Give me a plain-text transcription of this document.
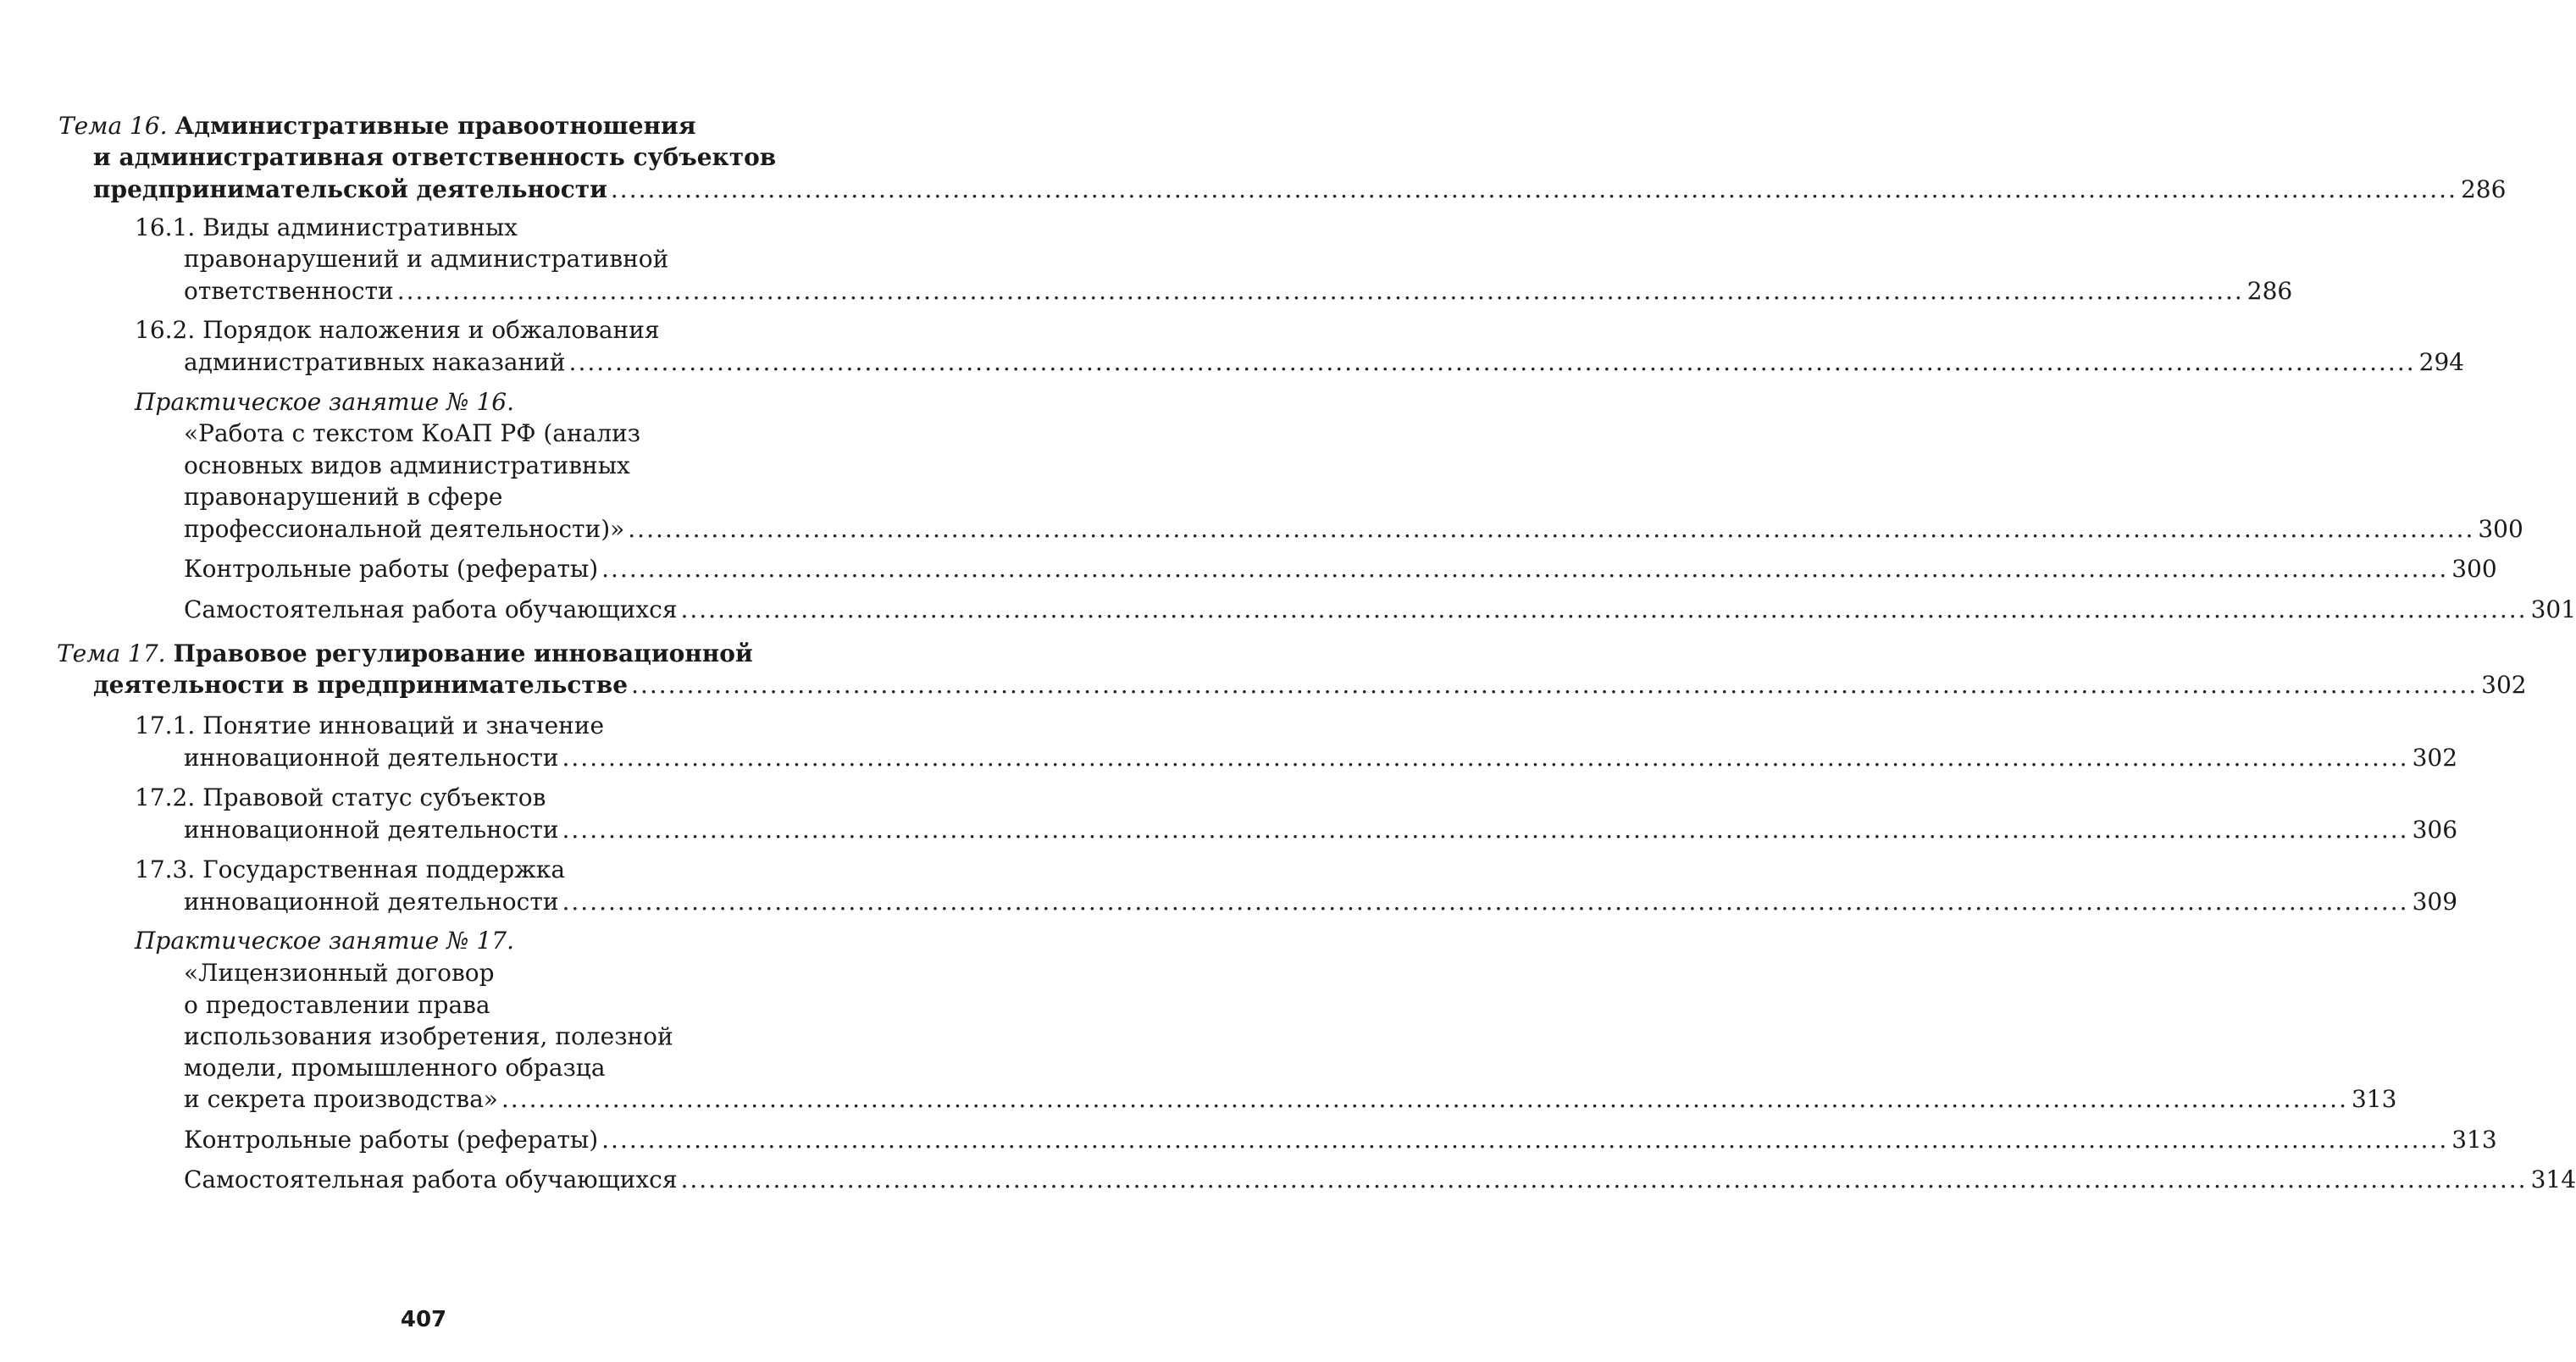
Тема 16. Административные правоотношения
и административная ответственность субъектов
предпринимательской деятельности ........................................................................................................................................................................................................ 286
16.1. Виды административных
правонарушений и административной
ответственности ........................................................................................................................................................................................................ 286
16.2. Порядок наложения и обжалования
административных наказаний ........................................................................................................................................................................................................ 294
Практическое занятие № 16.
«Работа с текстом КоАП РФ (анализ
основных видов административных
правонарушений в сфере
профессиональной деятельности)» ........................................................................................................................................................................................................ 300
Контрольные работы (рефераты) ........................................................................................................................................................................................................ 300
Самостоятельная работа обучающихся ........................................................................................................................................................................................................ 301
Тема 17. Правовое регулирование инновационной
деятельности в предпринимательстве ........................................................................................................................................................................................................ 302
17.1. Понятие инноваций и значение
инновационной деятельности ........................................................................................................................................................................................................ 302
17.2. Правовой статус субъектов
инновационной деятельности ........................................................................................................................................................................................................ 306
17.3. Государственная поддержка
инновационной деятельности ........................................................................................................................................................................................................ 309
Практическое занятие № 17.
«Лицензионный договор
о предоставлении права
использования изобретения, полезной
модели, промышленного образца
и секрета производства» ........................................................................................................................................................................................................ 313
Контрольные работы (рефераты) ........................................................................................................................................................................................................ 313
Самостоятельная работа обучающихся ........................................................................................................................................................................................................ 314
407
